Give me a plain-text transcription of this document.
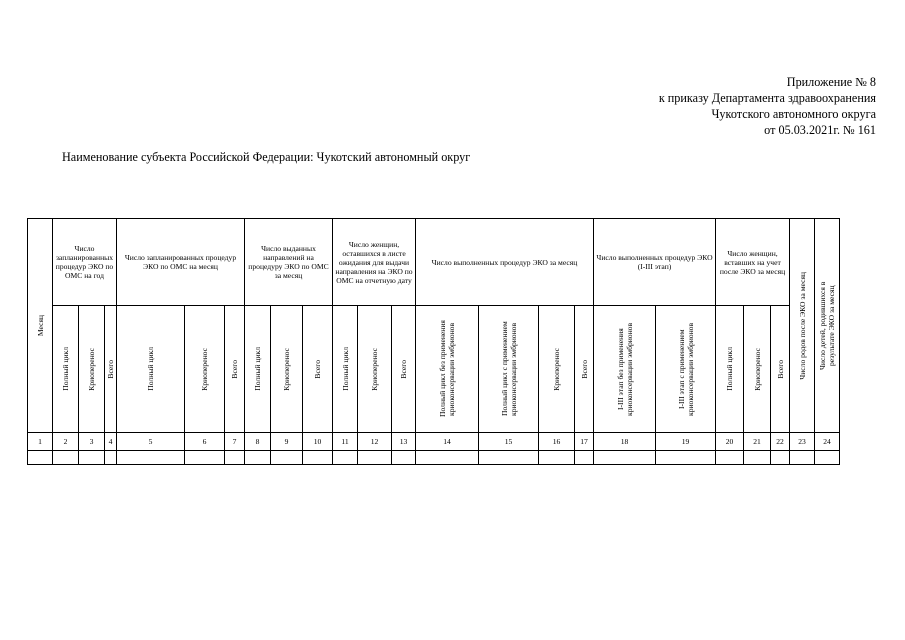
Приложение № 8
к приказу Департамента здравоохранения
Чукотского автономного округа
от 05.03.2021г. № 161
Наименование субъекта Российской Федерации: Чукотский автономный округ
Месяц	Число запланированных процедур ЭКО по ОМС на год			Число запланированных процедур ЭКО по ОМС на месяц			Число выданных направлений на процедуру ЭКО по ОМС за месяц			Число женщин, оставшихся в листе ожидания для выдачи направления на ЭКО по ОМС на отчетную дату			Число выполненных процедур ЭКО за месяц				Число выполненных процедур ЭКО (I-III этап)		Число женщин, вставших на учет после ЭКО за месяц			Число родов после ЭКО за месяц	Число детей, родившихся в результате ЭКО за месяц

	Полный цикл	Криоперенос	Всего	Полный цикл	Криоперенос	Всего	Полный цикл	Криоперенос	Всего	Полный цикл	Криоперенос	Всего	Полный цикл без применения криоконсервации эмбрионов	Полный цикл с применением криоконсервации эмбрионов	Криоперенос	Всего	I-III этап без применения криоконсервации эмбрионов	I-III этап с применением криоконсервации эмбрионов	Полный цикл	Криоперенос	Всего		

1	2	3	4	5	6	7	8	9	10	11	12	13	14	15	16	17	18	19	20	21	22	23	24
